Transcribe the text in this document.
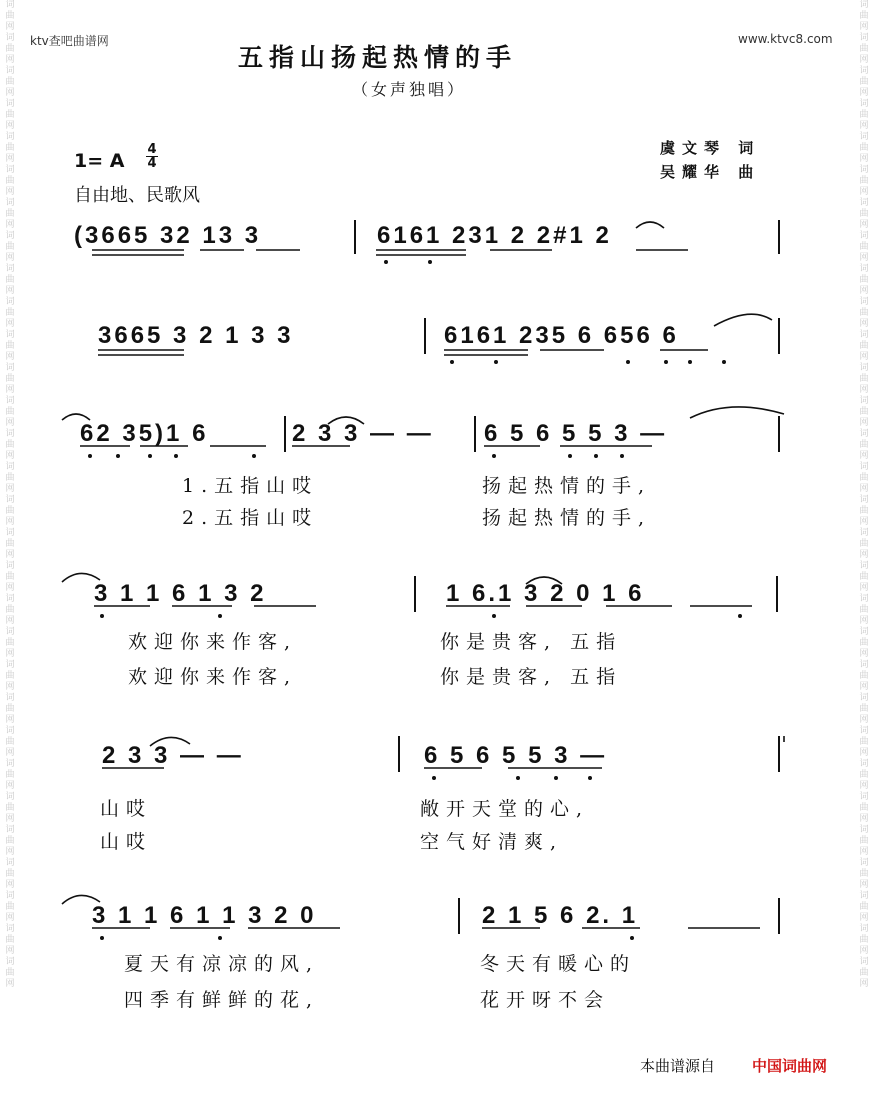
词
曲
网
词
曲
网
词
曲
网
词
曲
网
词
曲
网
词
曲
网
词
曲
网
词
曲
网
词
曲
网
词
曲
网
词
曲
网
词
曲
网
词
曲
网
词
曲
网
词
曲
网
词
曲
网
词
曲
网
词
曲
网
词
曲
网
词
曲
网
词
曲
网
词
曲
网
词
曲
网
词
曲
网
词
曲
网
词
曲
网
词
曲
网
词
曲
网
词
曲
网
词
曲
网
词
曲
网
词
曲
网
词
曲
网
词
曲
网
词
曲
网
词
曲
网
词
曲
网
词
曲
网
词
曲
网
词
曲
网
词
曲
网
词
曲
网
词
曲
网
词
曲
网
词
曲
网
词
曲
网
词
曲
网
词
曲
网
词
曲
网
词
曲
网
词
曲
网
词
曲
网
词
曲
网
词
曲
网
词
曲
网
词
曲
网
词
曲
网
词
曲
网
词
曲
网
词
曲
网
ktv查吧曲谱网	www.ktvc8.com
五指山扬起热情的手
（女声独唱）
虞文琴 词
吴耀华 曲
1= A
4
4
自由地、民歌风
(3665 32 13 3	6161 231 2 2#1 2
3665 3 2 1 3 3	6161 235 6 656 6
62 35)1 6	2 3 3 — — 6 5 6 5 5 3 —
1.五指山哎	扬起热情的手,
2.五指山哎	扬起热情的手,
3 1 1 6 1 3 2	1 6.1 3 2 0 1 6
欢迎你来作客,	你是贵客, 五指
欢迎你来作客,	你是贵客, 五指
2 3 3 — —	6 5 6 5 5 3 —
山哎	敞开天堂的心,
山哎	空气好清爽,
3 1 1 6 1 1 3 2 0	2 1 5 6 2. 1
夏天有凉凉的风,	冬天有暖心的
四季有鲜鲜的花,	花开呀不会
本曲谱源自 中国词曲网
